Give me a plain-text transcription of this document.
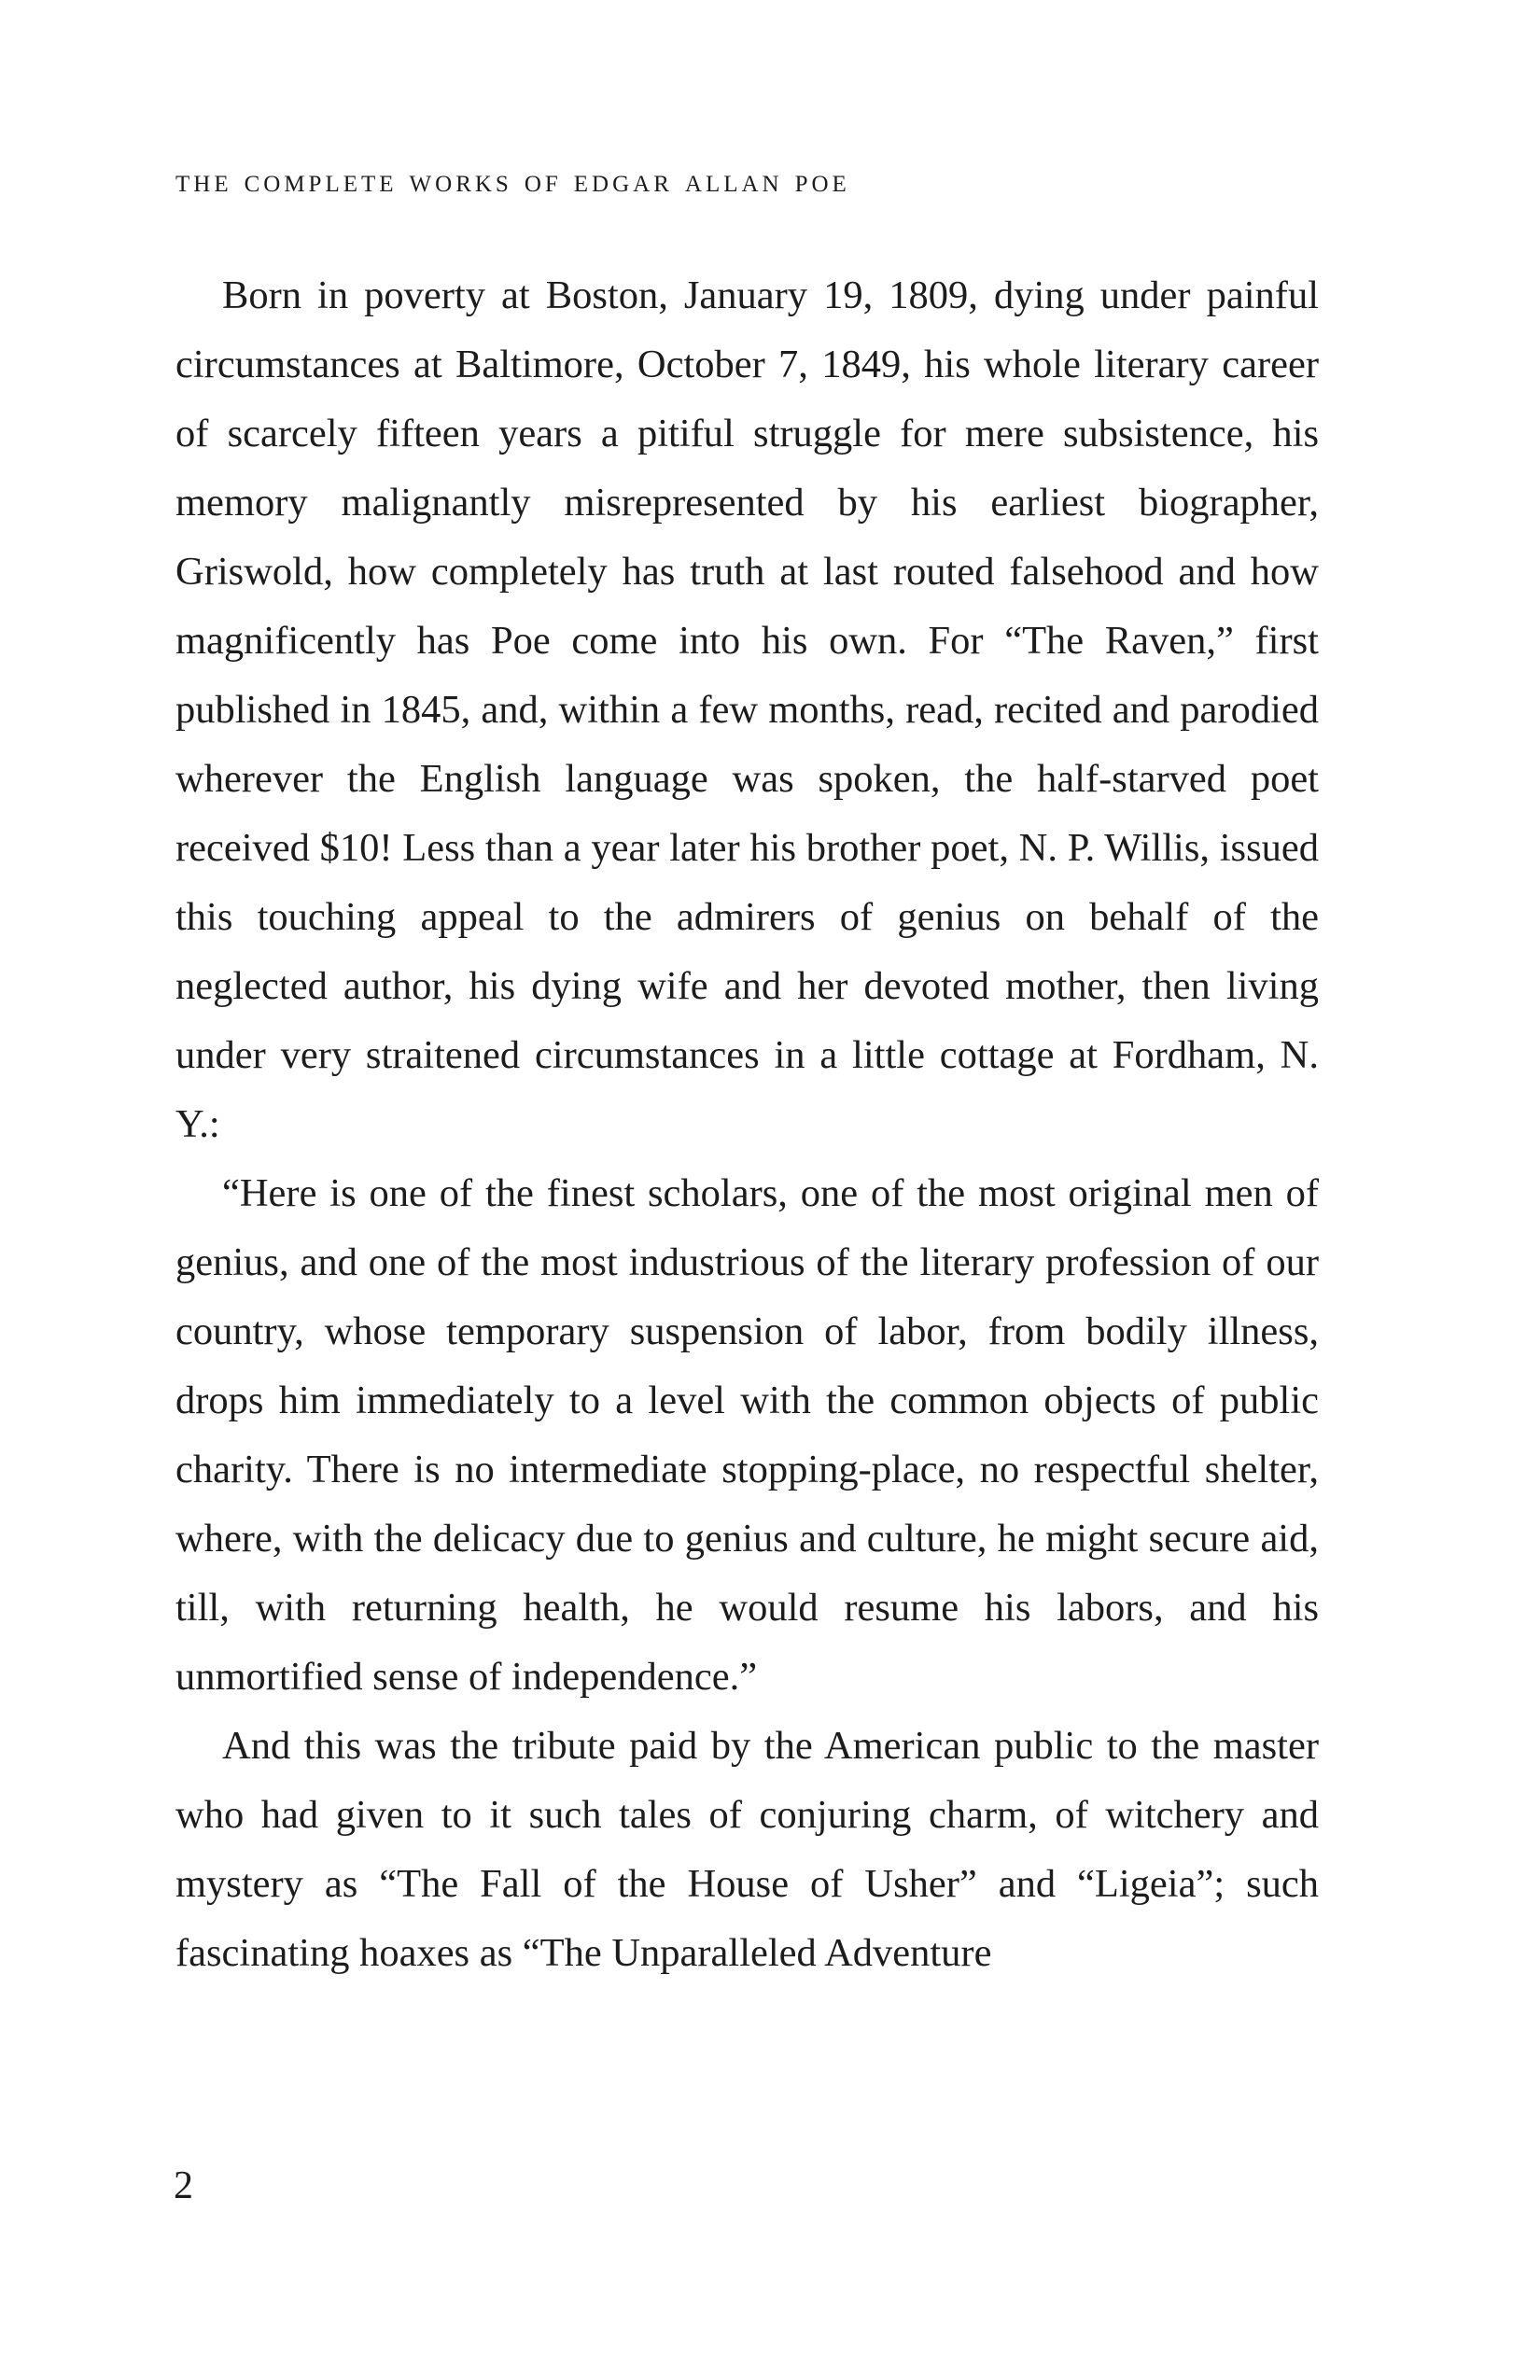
the complete works of edgar allan poe

Born in poverty at Boston, January 19, 1809, dying under painful circumstances at Baltimore, October 7, 1849, his whole literary career of scarcely fifteen years a pitiful struggle for mere subsistence, his memory malignantly misrepresented by his earliest biographer, Griswold, how completely has truth at last routed falsehood and how magnificently has Poe come into his own. For “The Raven,” first published in 1845, and, within a few months, read, recited and parodied wherever the English language was spoken, the half-starved poet received $10! Less than a year later his brother poet, N. P. Willis, issued this touching appeal to the admirers of genius on behalf of the neglected author, his dying wife and her devoted mother, then living under very straitened circumstances in a little cottage at Fordham, N. Y.:

“Here is one of the finest scholars, one of the most original men of genius, and one of the most industrious of the literary profession of our country, whose temporary suspension of labor, from bodily illness, drops him immediately to a level with the common objects of public charity. There is no intermediate stopping-place, no respectful shelter, where, with the delicacy due to genius and culture, he might secure aid, till, with returning health, he would resume his labors, and his unmortified sense of independence.”

And this was the tribute paid by the American public to the master who had given to it such tales of conjuring charm, of witchery and mystery as “The Fall of the House of Usher” and “Ligeia”; such fascinating hoaxes as “The Unparalleled Adventure

2
